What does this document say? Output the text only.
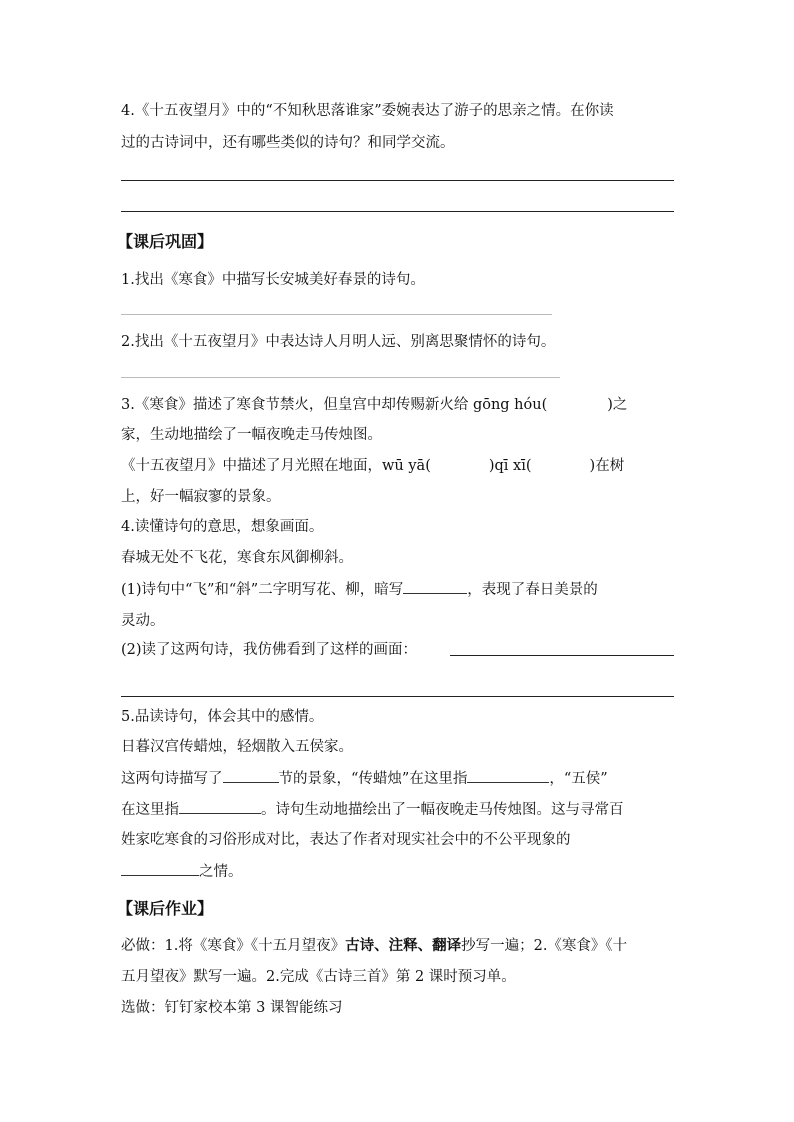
4.《十五夜望月》中的“不知秋思落谁家”委婉表达了游子的思亲之情。在你读
过的古诗词中，还有哪些类似的诗句？和同学交流。
【课后巩固】
1.找出《寒食》中描写长安城美好春景的诗句。
2.找出《十五夜望月》中表达诗人月明人远、别离思聚情怀的诗句。
3.《寒食》描述了寒食节禁火，但皇宫中却传赐新火给 gōng hóu(	)之
家，生动地描绘了一幅夜晚走马传烛图。
《十五夜望月》中描述了月光照在地面，wū yā(	)qī xī(	)在树
上，好一幅寂寥的景象。
4.读懂诗句的意思，想象画面。
春城无处不飞花，寒食东风御柳斜。
(1)诗句中“飞”和“斜”二字明写花、柳，暗写	，表现了春日美景的
灵动。
(2)读了这两句诗，我仿佛看到了这样的画面：
5.品读诗句，体会其中的感情。
日暮汉宫传蜡烛，轻烟散入五侯家。
这两句诗描写了	节的景象，“传蜡烛”在这里指	，“五侯”
在这里指	。诗句生动地描绘出了一幅夜晚走马传烛图。这与寻常百
姓家吃寒食的习俗形成对比，表达了作者对现实社会中的不公平现象的
之情。
【课后作业】
必做：1.将《寒食》《十五月望夜》古诗、注释、翻译抄写一遍；2.《寒食》《十
五月望夜》默写一遍。2.完成《古诗三首》第 2 课时预习单。
选做：钉钉家校本第 3 课智能练习
